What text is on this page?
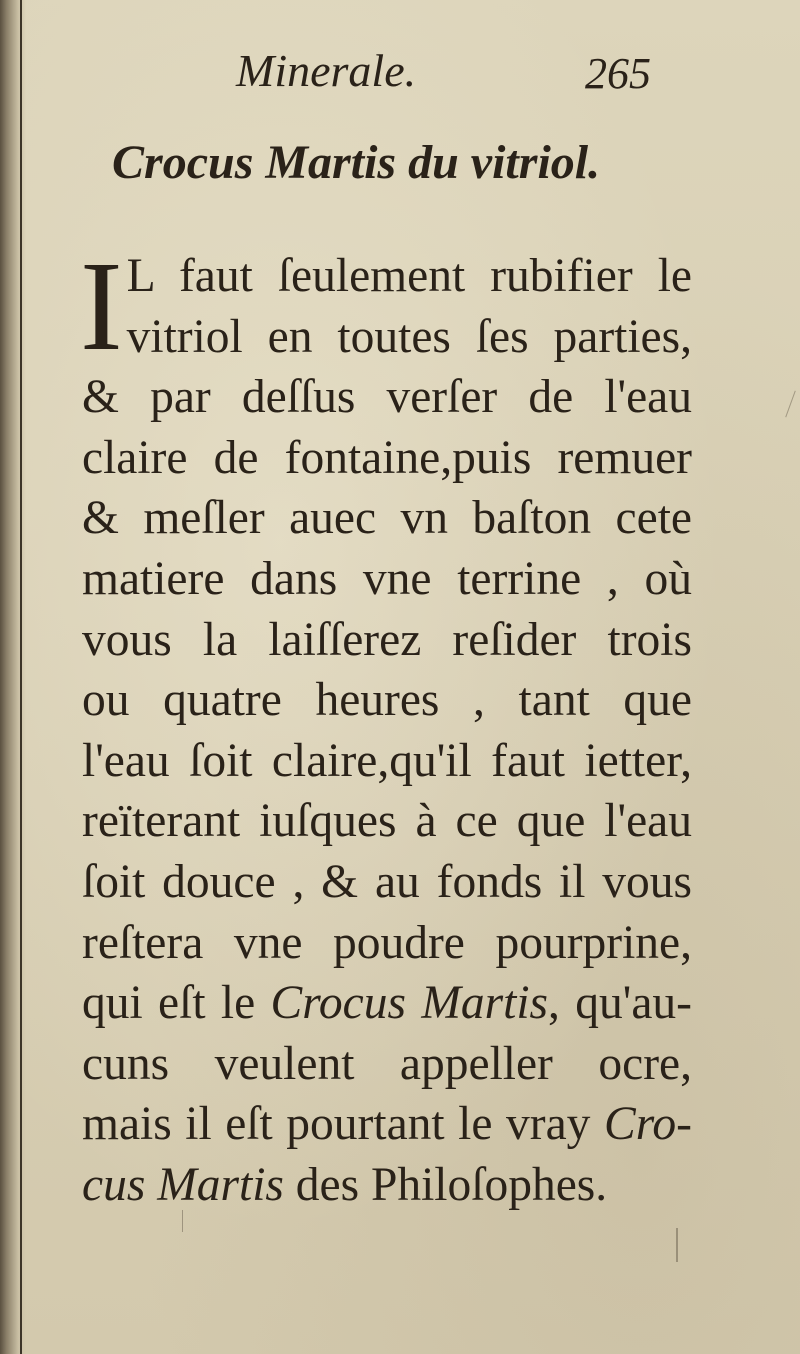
Minerale.	265
Crocus Martis du vitriol.
I L faut ſeulement rubifier le
vitriol en toutes ſes parties,
& par deſſus verſer de l'eau
claire de fontaine,puis remuer
& meſler auec vn baſton cete
matiere dans vne terrine , où
vous la laiſſerez reſider trois
ou quatre heures , tant que
l'eau ſoit claire,qu'il faut ietter,
reïterant iuſques à ce que l'eau
ſoit douce , & au fonds il vous
reſtera vne poudre pourprine,
qui eſt le Crocus Martis, qu'au-
cuns veulent appeller ocre,
mais il eſt pourtant le vray Cro-
cus Martis des Philoſophes.
